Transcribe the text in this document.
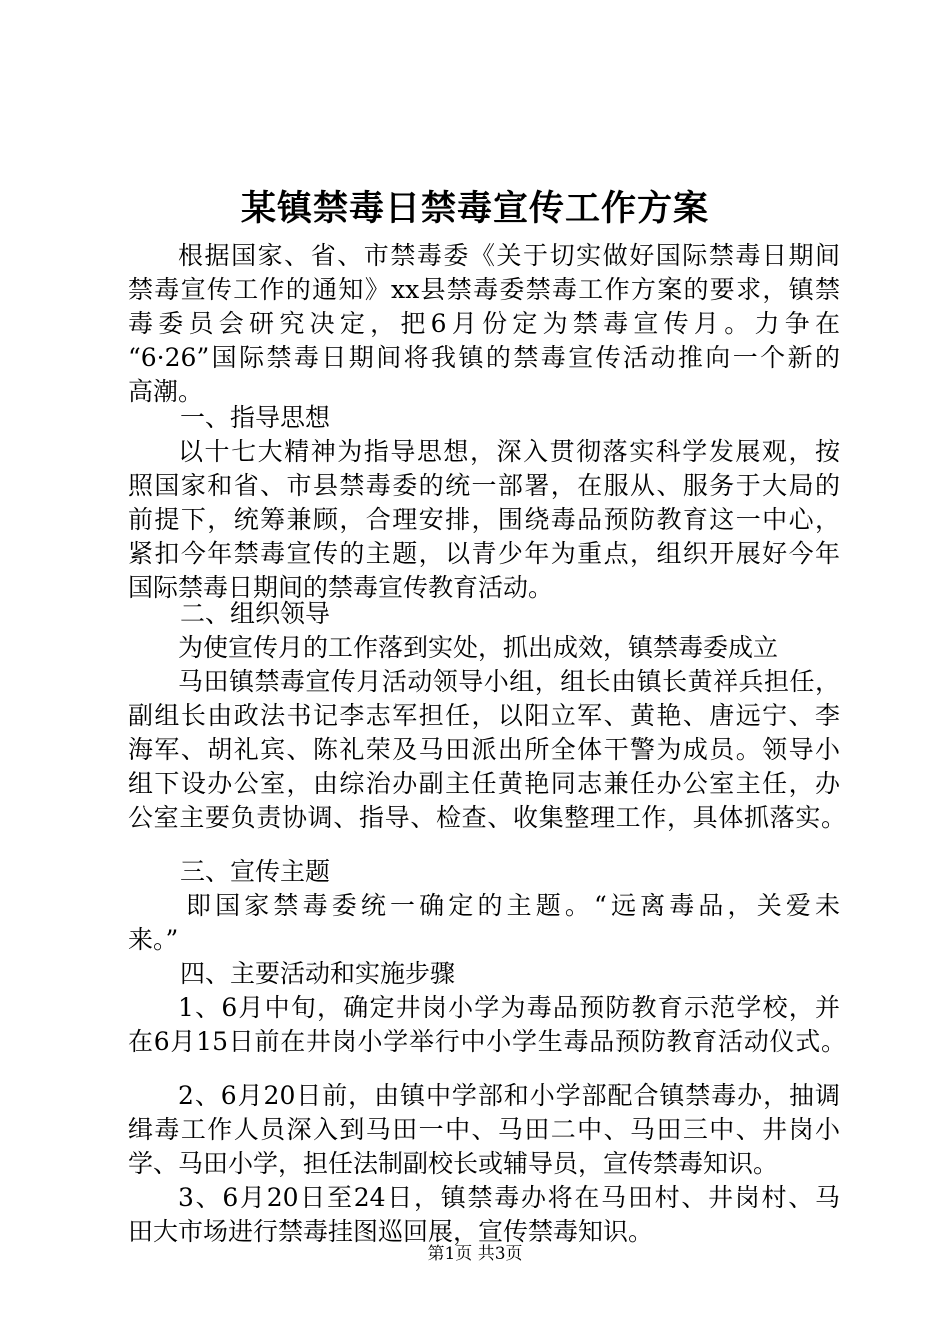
某镇禁毒日禁毒宣传工作方案
根据国家、省、市禁毒委《关于切实做好国际禁毒日期间
禁毒宣传工作的通知》xx县禁毒委禁毒工作方案的要求，镇禁
毒委员会研究决定，把6月份定为禁毒宣传月。力争在
“6·26”国际禁毒日期间将我镇的禁毒宣传活动推向一个新的
高潮。
一、指导思想
以十七大精神为指导思想，深入贯彻落实科学发展观，按
照国家和省、市县禁毒委的统一部署，在服从、服务于大局的
前提下，统筹兼顾，合理安排，围绕毒品预防教育这一中心，
紧扣今年禁毒宣传的主题，以青少年为重点，组织开展好今年
国际禁毒日期间的禁毒宣传教育活动。
二、组织领导
为使宣传月的工作落到实处，抓出成效，镇禁毒委成立
马田镇禁毒宣传月活动领导小组，组长由镇长黄祥兵担任，
副组长由政法书记李志军担任，以阳立军、黄艳、唐远宁、李
海军、胡礼宾、陈礼荣及马田派出所全体干警为成员。领导小
组下设办公室，由综治办副主任黄艳同志兼任办公室主任，办
公室主要负责协调、指导、检查、收集整理工作，具体抓落实。
三、宣传主题
即国家禁毒委统一确定的主题。“远离毒品，关爱未
来。”
四、主要活动和实施步骤
1、6月中旬，确定井岗小学为毒品预防教育示范学校，并
在6月15日前在井岗小学举行中小学生毒品预防教育活动仪式。
2、6月20日前，由镇中学部和小学部配合镇禁毒办，抽调
缉毒工作人员深入到马田一中、马田二中、马田三中、井岗小
学、马田小学，担任法制副校长或辅导员，宣传禁毒知识。
3、6月20日至24日，镇禁毒办将在马田村、井岗村、马
田大市场进行禁毒挂图巡回展，宣传禁毒知识。
第1页 共3页
